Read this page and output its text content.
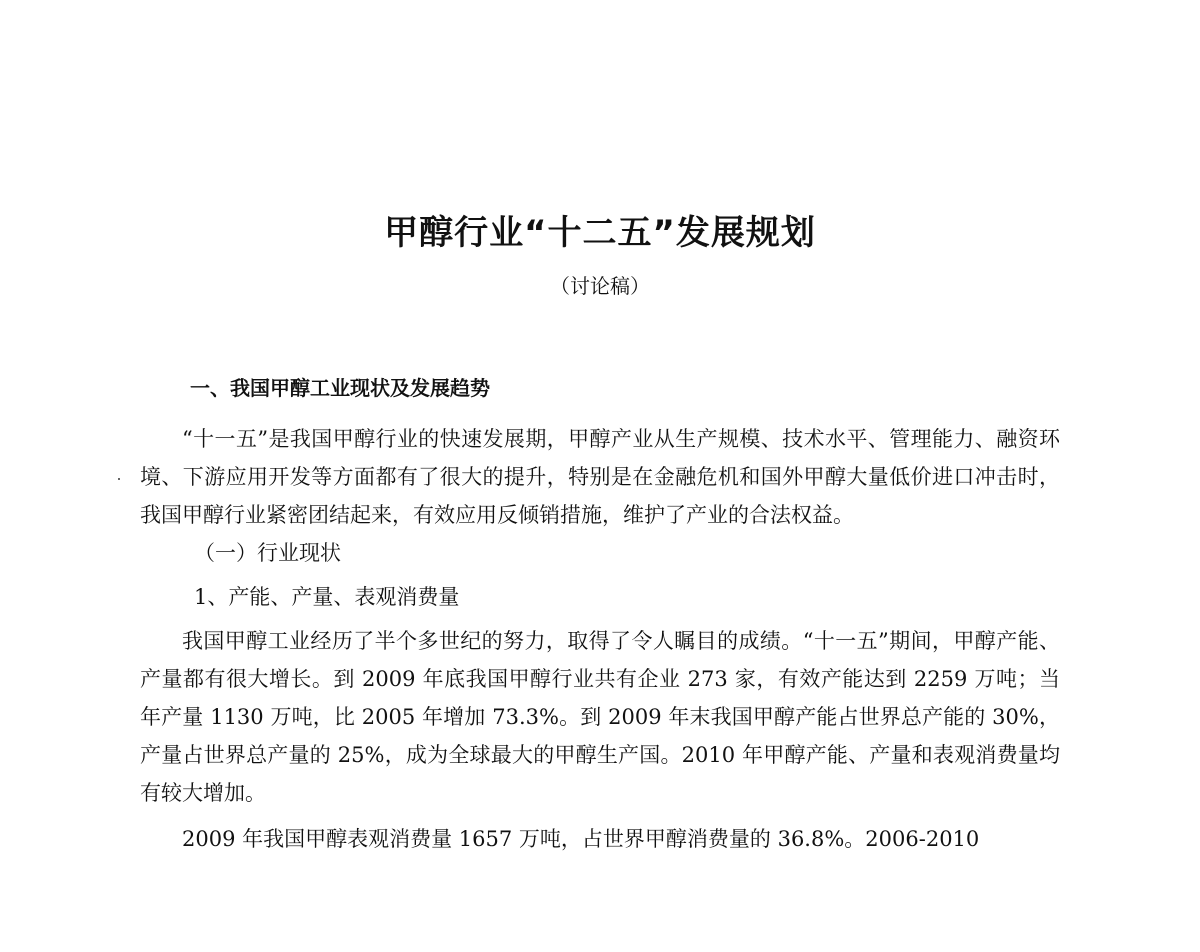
甲醇行业“十二五”发展规划
（讨论稿）
一、我国甲醇工业现状及发展趋势

“十一五”是我国甲醇行业的快速发展期，甲醇产业从生产规模、技术水平、管理能力、融资环境、下游应用开发等方面都有了很大的提升，特别是在金融危机和国外甲醇大量低价进口冲击时，我国甲醇行业紧密团结起来，有效应用反倾销措施，维护了产业的合法权益。

（一）行业现状

1、产能、产量、表观消费量

我国甲醇工业经历了半个多世纪的努力，取得了令人瞩目的成绩。“十一五”期间，甲醇产能、产量都有很大增长。到 2009 年底我国甲醇行业共有企业 273 家，有效产能达到 2259 万吨；当年产量 1130 万吨，比 2005 年增加 73.3%。到 2009 年末我国甲醇产能占世界总产能的 30%，产量占世界总产量的 25%，成为全球最大的甲醇生产国。2010 年甲醇产能、产量和表观消费量均有较大增加。

2009 年我国甲醇表观消费量 1657 万吨，占世界甲醇消费量的 36.8%。2006-2010
